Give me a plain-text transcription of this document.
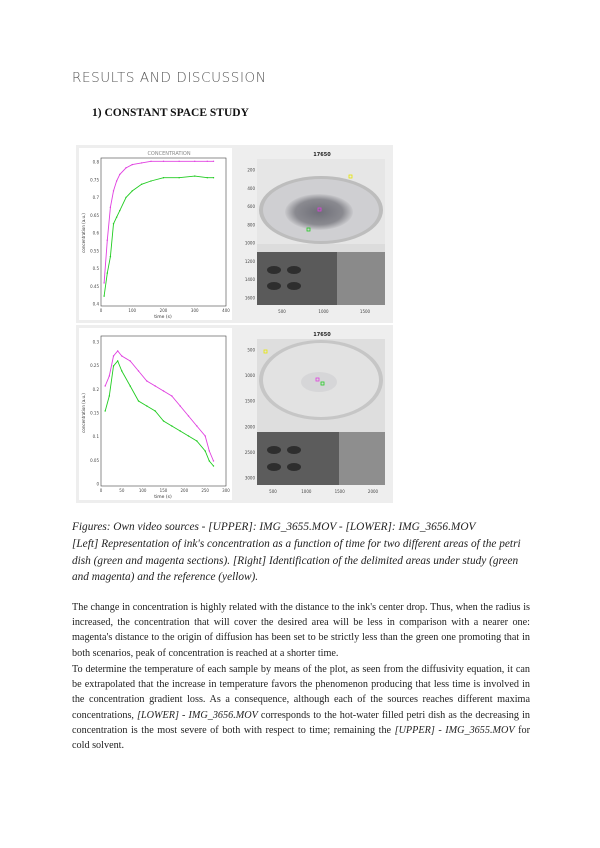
RESULTS AND DISCUSSION
1) CONSTANT SPACE STUDY
CONCENTRATION
0.8
0.75
0.7
0.65
0.6
0.55
0.5
0.45
0.4
0	100	200	300	400
concentration (a.u.)
time (s)
17650
200
400
600
800
1000
1200
1400
1600
500	1000	1500
0.3
0.25
0.2
0.15
0.1
0.05
0
0	50	100	150	200	250	300
concentration (a.u.)
time (s)
17650
500
1000
1500
2000
2500
3000
500	1000	1500	2000
Figures: Own video sources - [UPPER]: IMG_3655.MOV - [LOWER]: IMG_3656.MOV
[Left] Representation of ink's concentration as a function of time for two different areas of the petri dish (green and magenta sections). [Right] Identification of the delimited areas under study (green and magenta) and the reference (yellow).
The change in concentration is highly related with the distance to the ink's center drop. Thus, when the radius is increased, the concentration that will cover the desired area will be less in comparison with a nearer one: magenta's distance to the origin of diffusion has been set to be strictly less than the green one promoting that in both scenarios, peak of concentration is reached at a shorter time.
To determine the temperature of each sample by means of the plot, as seen from the diffusivity equation, it can be extrapolated that the increase in temperature favors the phenomenon producing that less time is involved in the concentration gradient loss. As a consequence, although each of the sources reaches different maxima concentrations, [LOWER] - IMG_3656.MOV corresponds to the hot-water filled petri dish as the decreasing in concentration is the most severe of both with respect to time; remaining the [UPPER] - IMG_3655.MOV for cold solvent.
